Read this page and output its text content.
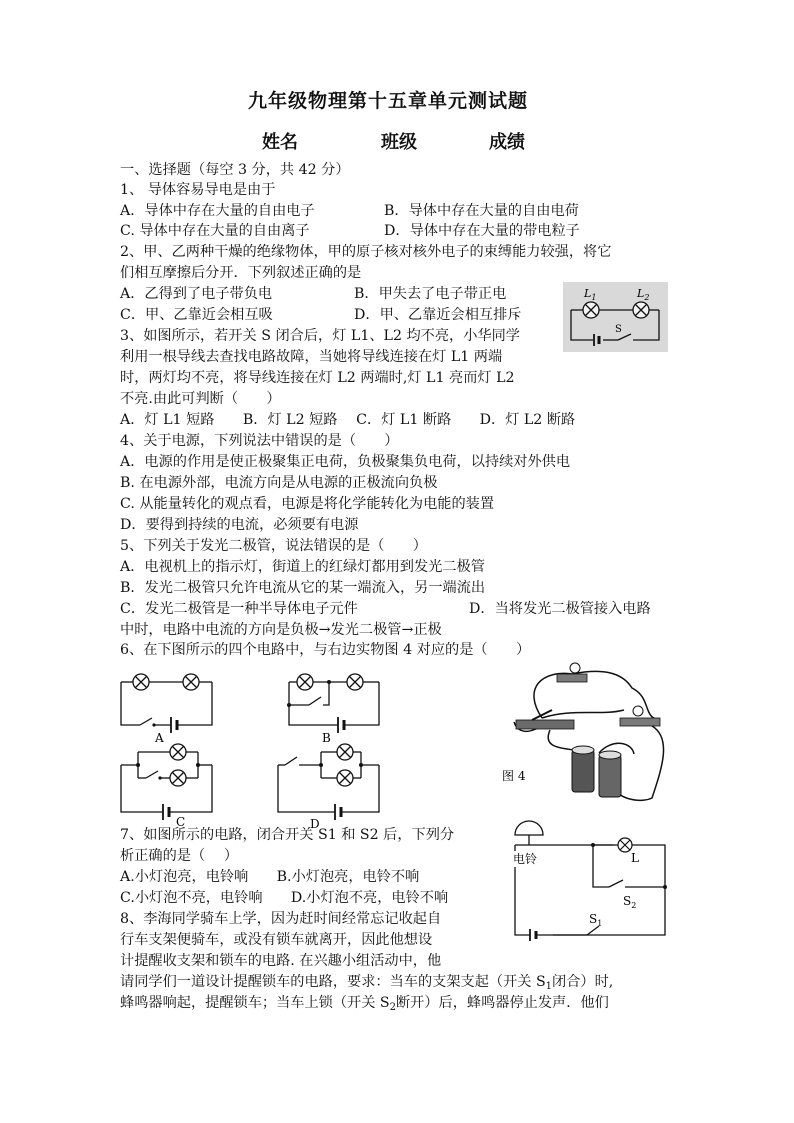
九年级物理第十五章单元测试题
姓名	班级	成绩
一、选择题（每空 3 分，共 42 分）
1、 导体容易导电是由于
A．导体中存在大量的自由电子	B．导体中存在大量的自由电荷
C. 导体中存在大量的自由离子	D．导体中存在大量的带电粒子
2、甲、乙两种干燥的绝缘物体，甲的原子核对核外电子的束缚能力较强，将它
们相互摩擦后分开．下列叙述正确的是
A．乙得到了电子带负电	B．甲失去了电子带正电
C．甲、乙靠近会相互吸	D．甲、乙靠近会相互排斥
$L_1$	$L_2$
S
3、如图所示，若开关 S 闭合后，灯 L1、L2 均不亮，小华同学
利用一根导线去查找电路故障，当她将导线连接在灯 L1 两端
时，两灯均不亮，将导线连接在灯 L2 两端时,灯 L1 亮而灯 L2
不亮.由此可判断（　　）
A．灯 L1 短路　　B．灯 L2 短路　 C．灯 L1 断路　　D．灯 L2 断路
4、关于电源，下列说法中错误的是（　　）
A．电源的作用是使正极聚集正电荷，负极聚集负电荷，以持续对外供电
B. 在电源外部，电流方向是从电源的正极流向负极
C. 从能量转化的观点看，电源是将化学能转化为电能的装置
D．要得到持续的电流，必须要有电源
5、下列关于发光二极管，说法错误的是（　　）
A．电视机上的指示灯，街道上的红绿灯都用到发光二极管
B．发光二极管只允许电流从它的某一端流入，另一端流出
C．发光二极管是一种半导体电子元件	D．当将发光二极管接入电路
中时，电路中电流的方向是负极→发光二极管→正极
6、在下图所示的四个电路中，与右边实物图 4 对应的是（　　）
A	B
C	D
图 4
7、如图所示的电路，闭合开关 S1 和 S2 后，下列分
析正确的是（　 ）
A.小灯泡亮，电铃响　　B.小灯泡亮，电铃不响
C.小灯泡不亮，电铃响　　D.小灯泡不亮，电铃不响
电铃	L
$S_2$
$S_1$
8、李海同学骑车上学，因为赶时间经常忘记收起自
行车支架便骑车，或没有锁车就离开，因此他想设
计提醒收支架和锁车的电路. 在兴趣小组活动中，他
请同学们一道设计提醒锁车的电路，要求：当车的支架支起（开关 $S_1$闭合）时,
蜂鸣器响起，提醒锁车；当车上锁（开关 $S_2$断开）后，蜂鸣器停止发声．他们
